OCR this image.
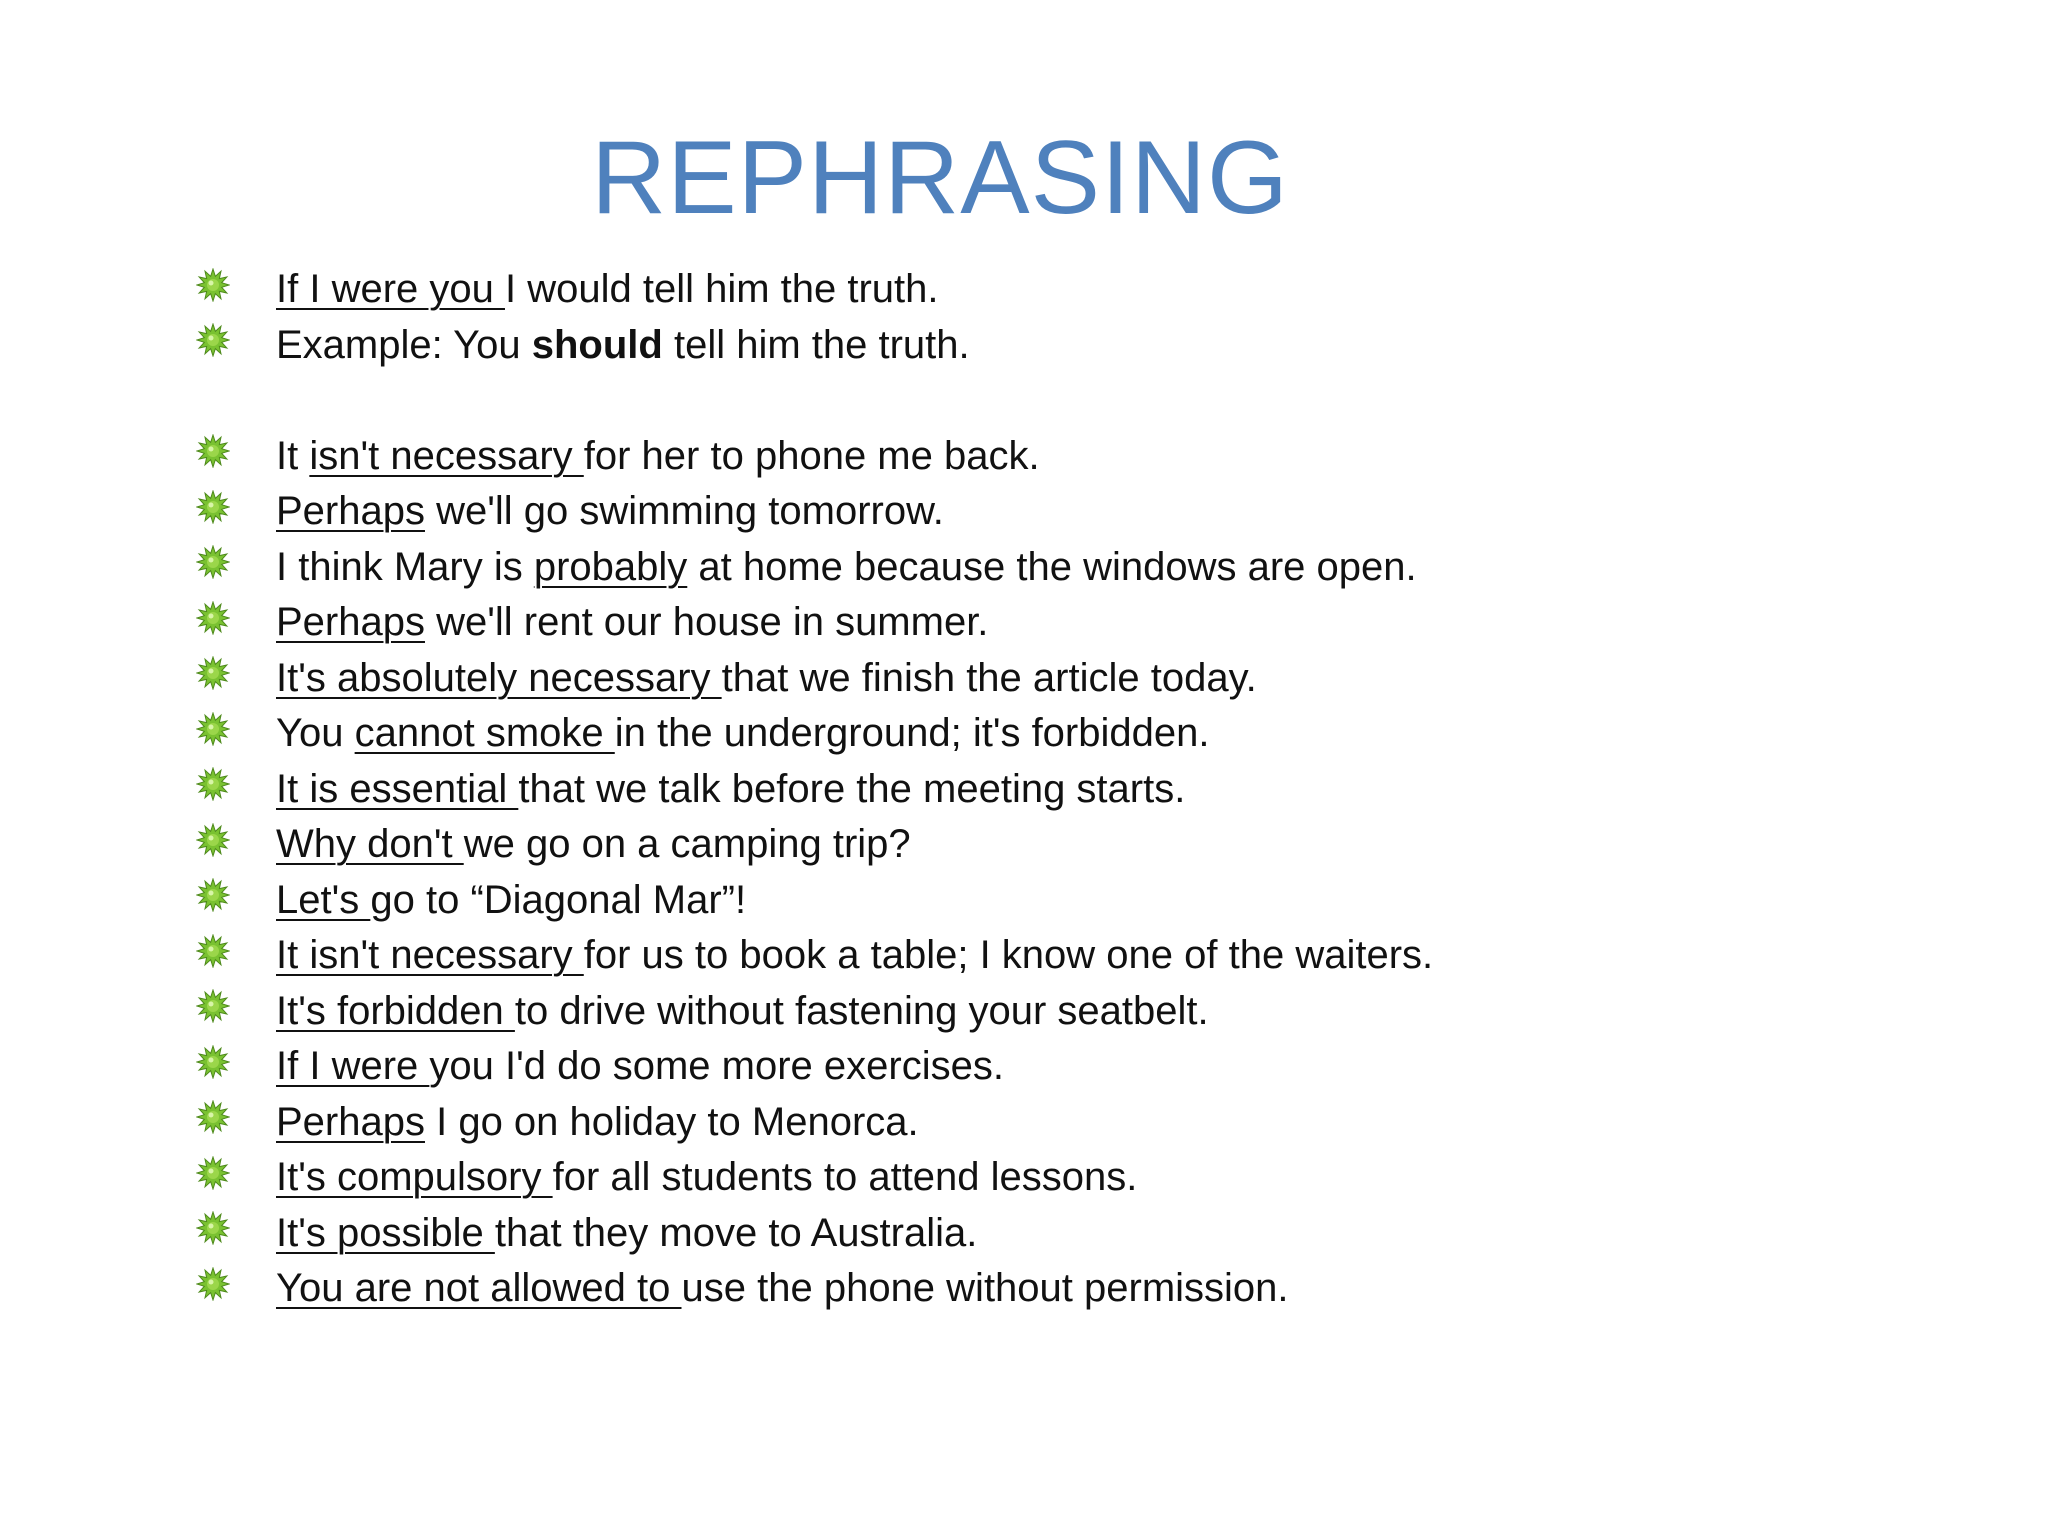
REPHRASING
If I were you I would tell him the truth.
Example: You should tell him the truth.
It isn't necessary for her to phone me back.
Perhaps we'll go swimming tomorrow.
I think Mary is probably at home because the windows are open.
Perhaps we'll rent our house in summer.
It's absolutely necessary that we finish the article today.
You cannot smoke in the underground; it's forbidden.
It is essential that we talk before the meeting starts.
Why don't we go on a camping trip?
Let's go to “Diagonal Mar”!
It isn't necessary for us to book a table; I know one of the waiters.
It's forbidden to drive without fastening your seatbelt.
If I were you I'd do some more exercises.
Perhaps I go on holiday to Menorca.
It's compulsory for all students to attend lessons.
It's possible that they move to Australia.
You are not allowed to use the phone without permission.
